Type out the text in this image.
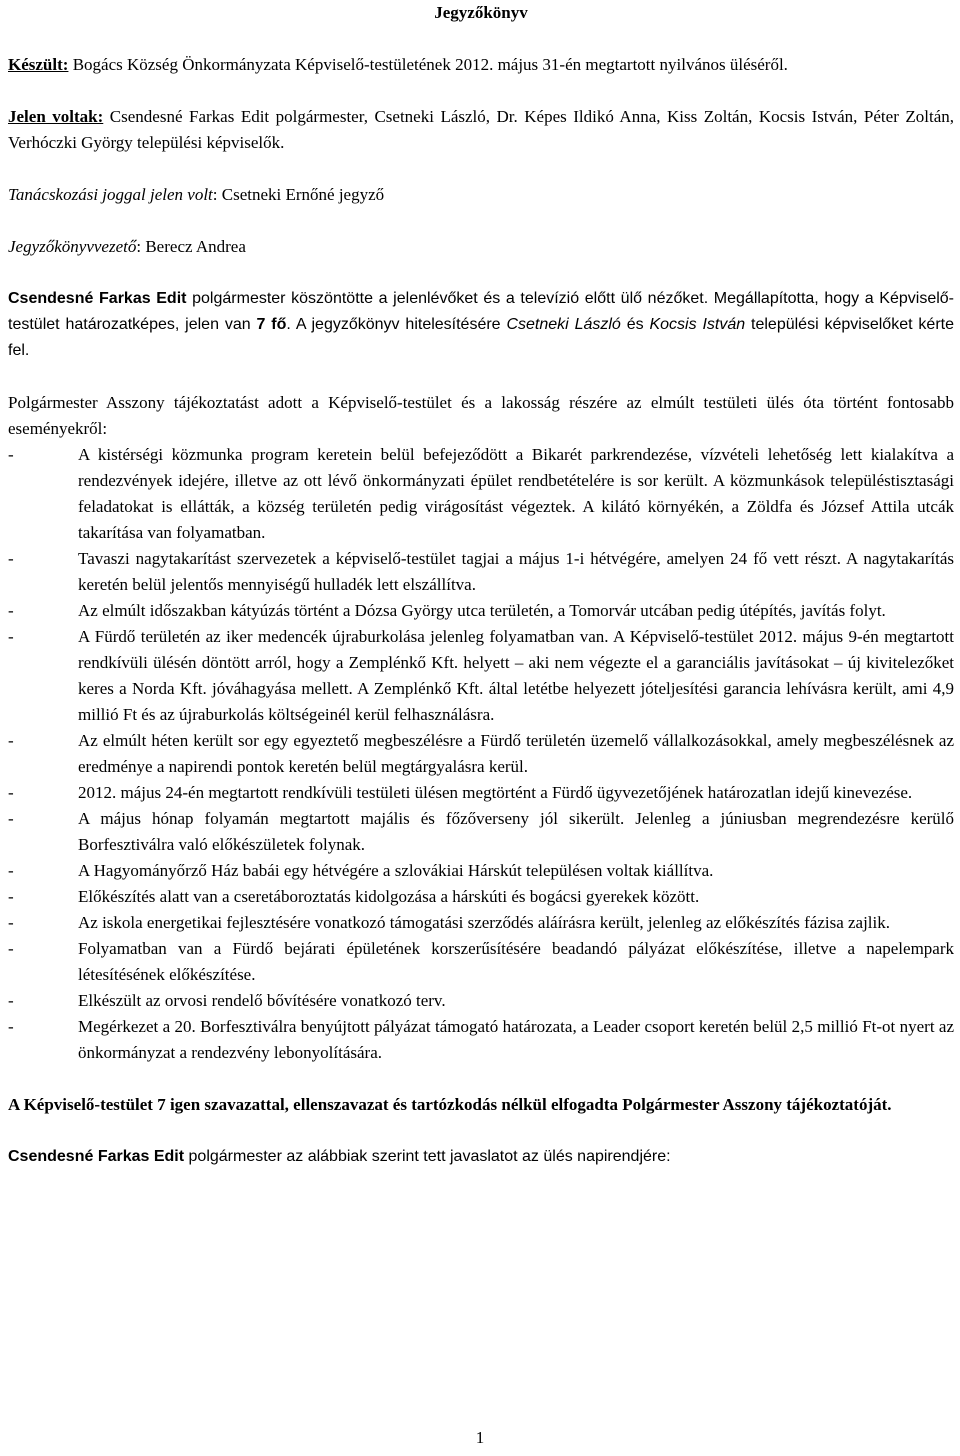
Jegyzőkönyv

Készült: Bogács Község Önkormányzata Képviselő-testületének 2012. május 31-én megtartott nyilvános üléséről.

Jelen voltak: Csendesné Farkas Edit polgármester, Csetneki László, Dr. Képes Ildikó Anna, Kiss Zoltán, Kocsis István, Péter Zoltán, Verhóczki György települési képviselők.

Tanácskozási joggal jelen volt: Csetneki Ernőné jegyző

Jegyzőkönyvvezető: Berecz Andrea

Csendesné Farkas Edit polgármester köszöntötte a jelenlévőket és a televízió előtt ülő nézőket. Megállapította, hogy a Képviselő-testület határozatképes, jelen van 7 fő. A jegyzőkönyv hitelesítésére Csetneki László és Kocsis István települési képviselőket kérte fel.

Polgármester Asszony tájékoztatást adott a Képviselő-testület és a lakosság részére az elmúlt testületi ülés óta történt fontosabb eseményekről:

-	A kistérségi közmunka program keretein belül befejeződött a Bikarét parkrendezése, vízvételi lehetőség lett kialakítva a rendezvények idejére, illetve az ott lévő önkormányzati épület rendbetételére is sor került. A közmunkások településtisztasági feladatokat is ellátták, a község területén pedig virágosítást végeztek. A kilátó környékén, a Zöldfa és József Attila utcák takarítása van folyamatban.
-	Tavaszi nagytakarítást szervezetek a képviselő-testület tagjai a május 1-i hétvégére, amelyen 24 fő vett részt. A nagytakarítás keretén belül jelentős mennyiségű hulladék lett elszállítva.
-	Az elmúlt időszakban kátyúzás történt a Dózsa György utca területén, a Tomorvár utcában pedig útépítés, javítás folyt.
-	A Fürdő területén az iker medencék újraburkolása jelenleg folyamatban van. A Képviselő-testület 2012. május 9-én megtartott rendkívüli ülésén döntött arról, hogy a Zemplénkő Kft. helyett – aki nem végezte el a garanciális javításokat – új kivitelezőket keres a Norda Kft. jóváhagyása mellett. A Zemplénkő Kft. által letétbe helyezett jóteljesítési garancia lehívásra került, ami 4,9 millió Ft és az újraburkolás költségeinél kerül felhasználásra.
-	Az elmúlt héten került sor egy egyeztető megbeszélésre a Fürdő területén üzemelő vállalkozásokkal, amely megbeszélésnek az eredménye a napirendi pontok keretén belül megtárgyalásra kerül.
-	2012. május 24-én megtartott rendkívüli testületi ülésen megtörtént a Fürdő ügyvezetőjének határozatlan idejű kinevezése.
-	A május hónap folyamán megtartott majális és főzőverseny jól sikerült. Jelenleg a júniusban megrendezésre kerülő Borfesztiválra való előkészületek folynak.
-	A Hagyományőrző Ház babái egy hétvégére a szlovákiai Hárskút településen voltak kiállítva.
-	Előkészítés alatt van a cseretáboroztatás kidolgozása a hárskúti és bogácsi gyerekek között.
-	Az iskola energetikai fejlesztésére vonatkozó támogatási szerződés aláírásra került, jelenleg az előkészítés fázisa zajlik.
-	Folyamatban van a Fürdő bejárati épületének korszerűsítésére beadandó pályázat előkészítése, illetve a napelempark létesítésének előkészítése.
-	Elkészült az orvosi rendelő bővítésére vonatkozó terv.
-	Megérkezet a 20. Borfesztiválra benyújtott pályázat támogató határozata, a Leader csoport keretén belül 2,5 millió Ft-ot nyert az önkormányzat a rendezvény lebonyolítására.

A Képviselő-testület 7 igen szavazattal, ellenszavazat és tartózkodás nélkül elfogadta Polgármester Asszony tájékoztatóját.

Csendesné Farkas Edit polgármester az alábbiak szerint tett javaslatot az ülés napirendjére:

1
